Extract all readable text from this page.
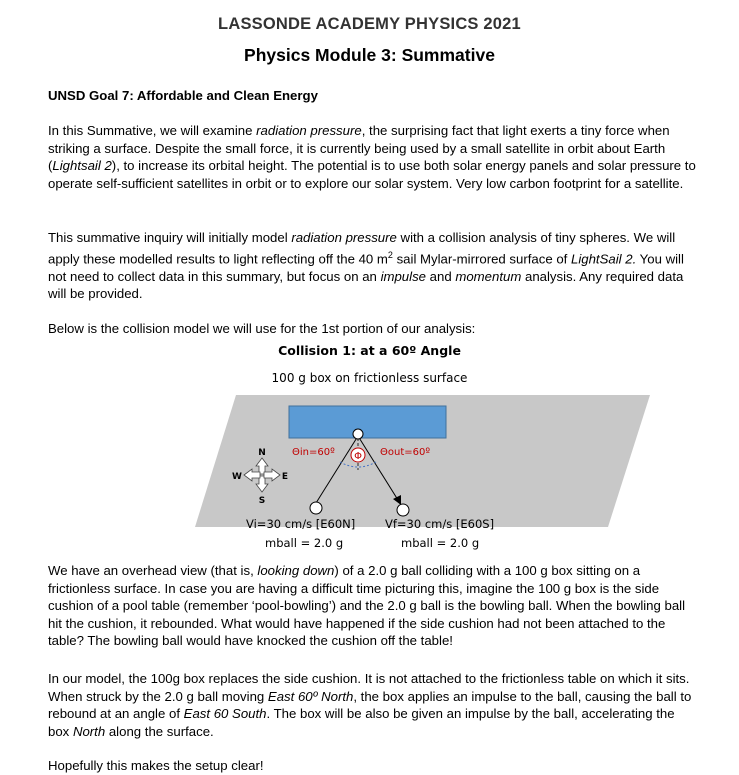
LASSONDE ACADEMY PHYSICS 2021
Physics Module 3: Summative
UNSD Goal 7: Affordable and Clean Energy

In this Summative, we will examine radiation pressure, the surprising fact that light exerts a tiny force when striking a surface. Despite the small force, it is currently being used by a small satellite in orbit about Earth (Lightsail 2), to increase its orbital height. The potential is to use both solar energy panels and solar pressure to operate self-sufficient satellites in orbit or to explore our solar system. Very low carbon footprint for a satellite.

This summative inquiry will initially model radiation pressure with a collision analysis of tiny spheres. We will apply these modelled results to light reflecting off the 40 $m^2$ sail Mylar-mirrored surface of LightSail 2. You will not need to collect data in this summary, but focus on an impulse and momentum analysis. Any required data will be provided.

Below is the collision model we will use for the 1st portion of our analysis:
Collision 1: at a 60º Angle
100 g box on frictionless surface
Φ
Θin=60º	Θout=60º
N
S
W	E
Vi=30 cm/s [E60N]	Vf=30 cm/s [E60S]
mball = 2.0 g	mball = 2.0 g

We have an overhead view (that is, looking down) of a 2.0 g ball colliding with a 100 g box sitting on a frictionless surface. In case you are having a difficult time picturing this, imagine the 100 g box is the side cushion of a pool table (remember ‘pool-bowling’) and the 2.0 g ball is the bowling ball. When the bowling ball hit the cushion, it rebounded. What would have happened if the side cushion had not been attached to the table? The bowling ball would have knocked the cushion off the table!

In our model, the 100g box replaces the side cushion. It is not attached to the frictionless table on which it sits. When struck by the 2.0 g ball moving East 60º North, the box applies an impulse to the ball, causing the ball to rebound at an angle of East 60 South. The box will be also be given an impulse by the ball, accelerating the box North along the surface.

Hopefully this makes the setup clear!
